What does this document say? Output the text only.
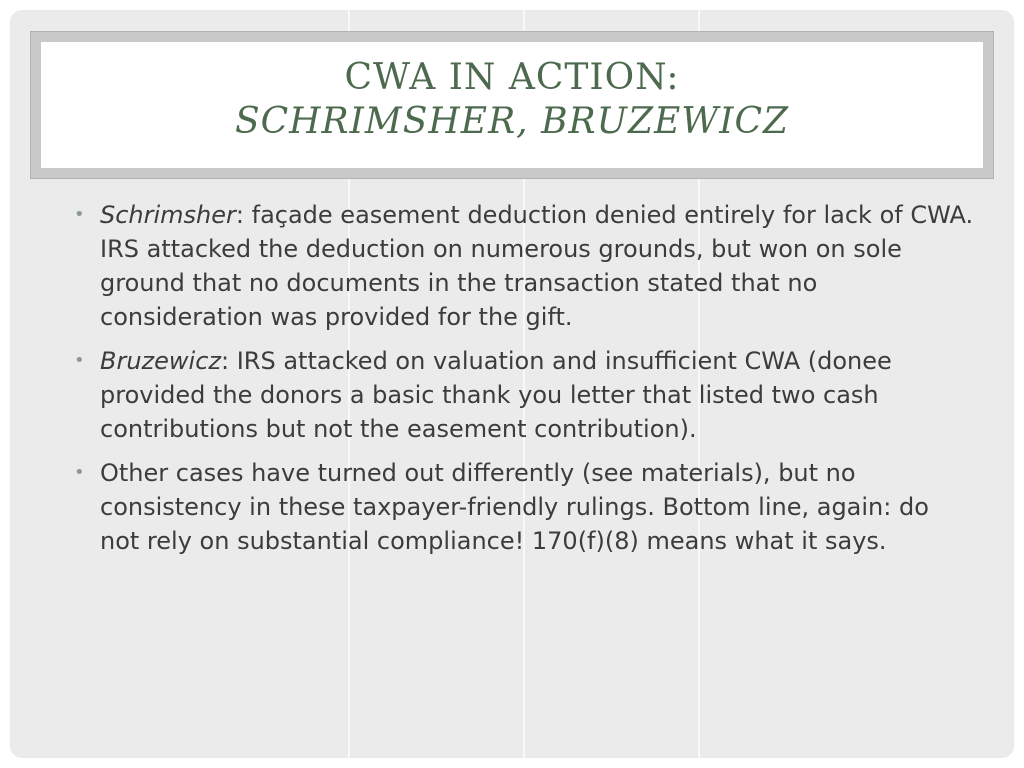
CWA IN ACTION:
SCHRIMSHER, BRUZEWICZ
• Schrimsher: façade easement deduction denied entirely for lack of CWA. IRS attacked the deduction on numerous grounds, but won on sole ground that no documents in the transaction stated that no consideration was provided for the gift.
• Bruzewicz: IRS attacked on valuation and insufficient CWA (donee provided the donors a basic thank you letter that listed two cash contributions but not the easement contribution).
• Other cases have turned out differently (see materials), but no consistency in these taxpayer-friendly rulings. Bottom line, again: do not rely on substantial compliance! 170(f)(8) means what it says.
